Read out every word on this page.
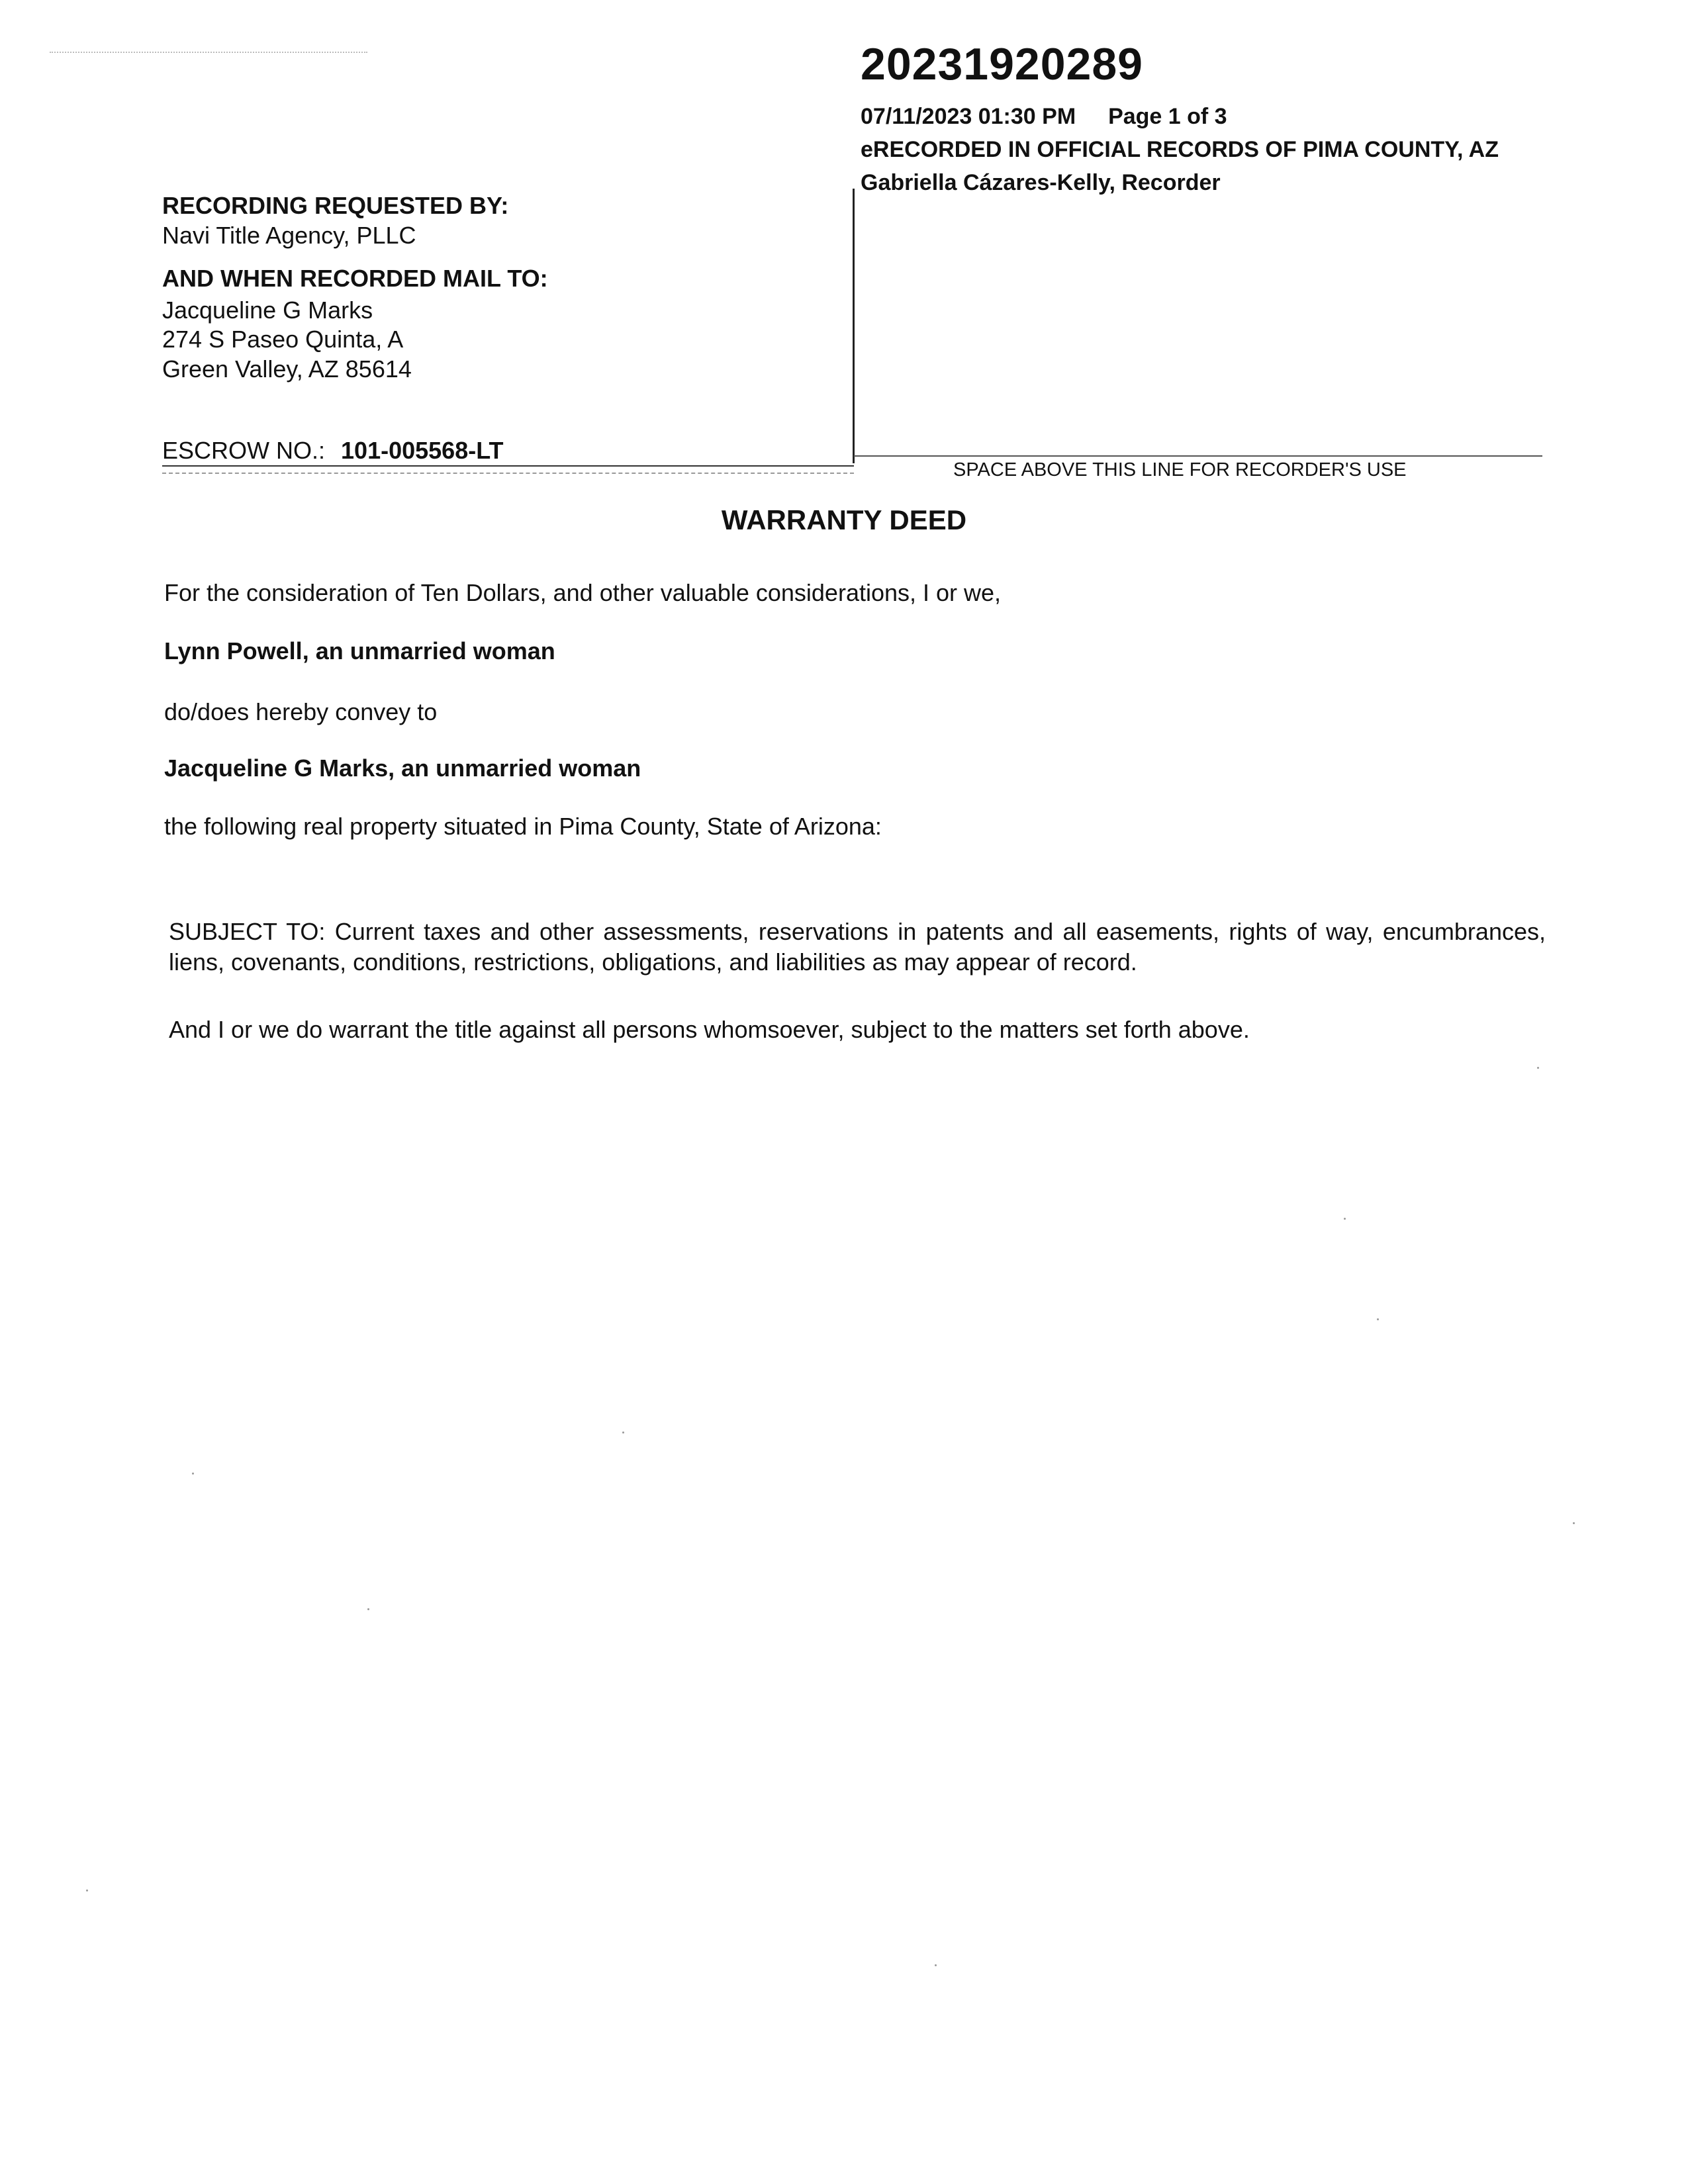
20231920289
07/11/2023 01:30 PM Page 1 of 3
eRECORDED IN OFFICIAL RECORDS OF PIMA COUNTY, AZ
Gabriella Cázares-Kelly, Recorder
RECORDING REQUESTED BY:
Navi Title Agency, PLLC
AND WHEN RECORDED MAIL TO:
Jacqueline G Marks
274 S Paseo Quinta, A
Green Valley, AZ 85614
ESCROW NO.: 101-005568-LT
SPACE ABOVE THIS LINE FOR RECORDER'S USE
WARRANTY DEED
For the consideration of Ten Dollars, and other valuable considerations, I or we,
Lynn Powell, an unmarried woman
do/does hereby convey to
Jacqueline G Marks, an unmarried woman
the following real property situated in Pima County, State of Arizona:
SUBJECT TO: Current taxes and other assessments, reservations in patents and all easements, rights of way, encumbrances, liens, covenants, conditions, restrictions, obligations, and liabilities as may appear of record.
And I or we do warrant the title against all persons whomsoever, subject to the matters set forth above.
